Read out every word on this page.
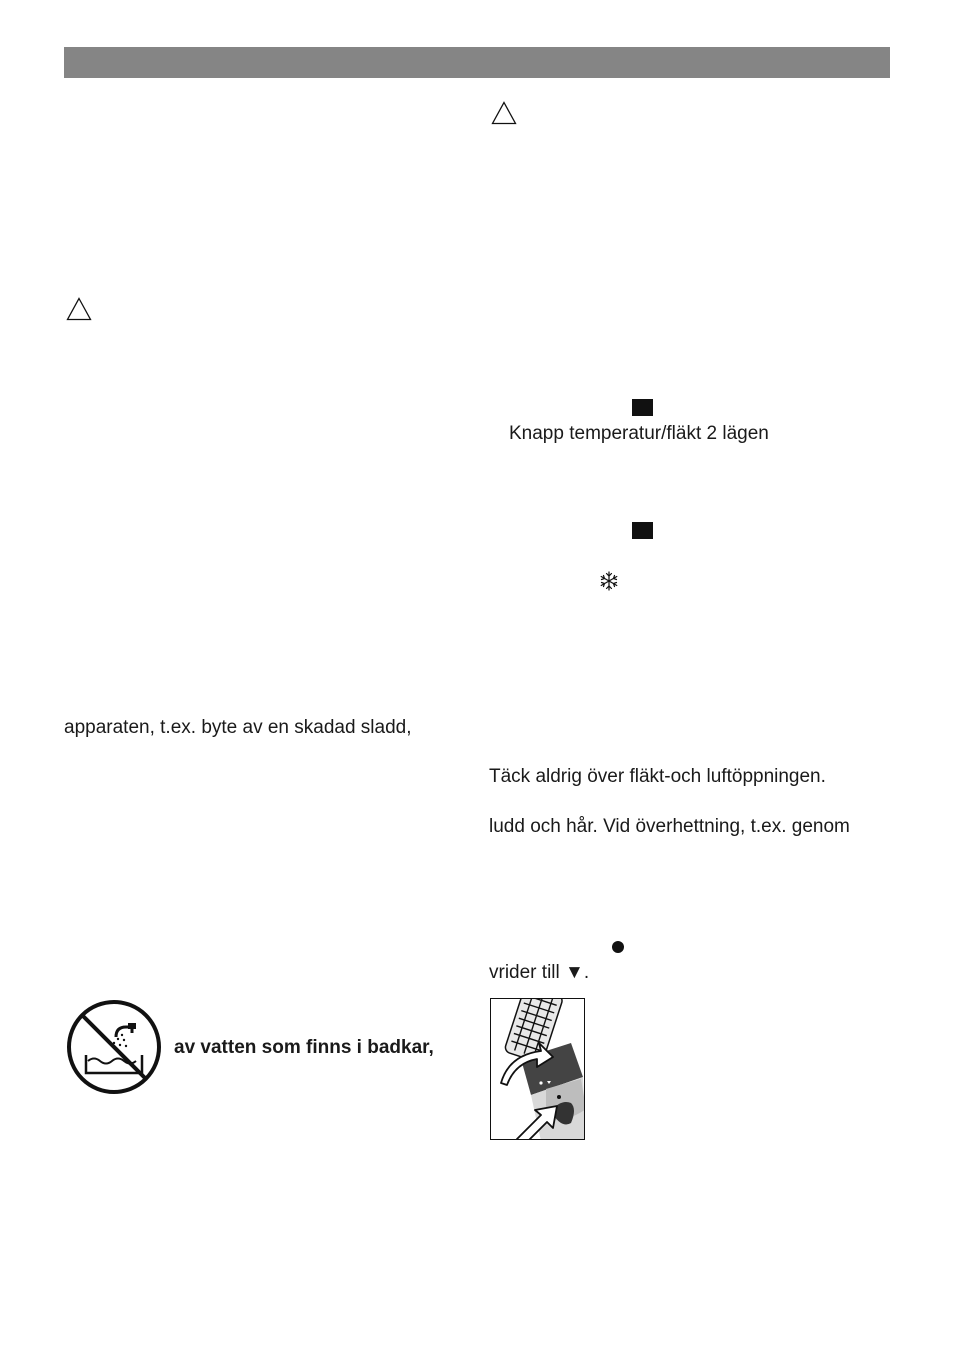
Knapp temperatur/fläkt 2 lägen
Täck aldrig över fläkt-och luftöppningen.
ludd och hår. Vid överhettning, t.ex. genom
vrider till ▼.
apparaten, t.ex. byte av en skadad sladd,
av vatten som finns i badkar,
